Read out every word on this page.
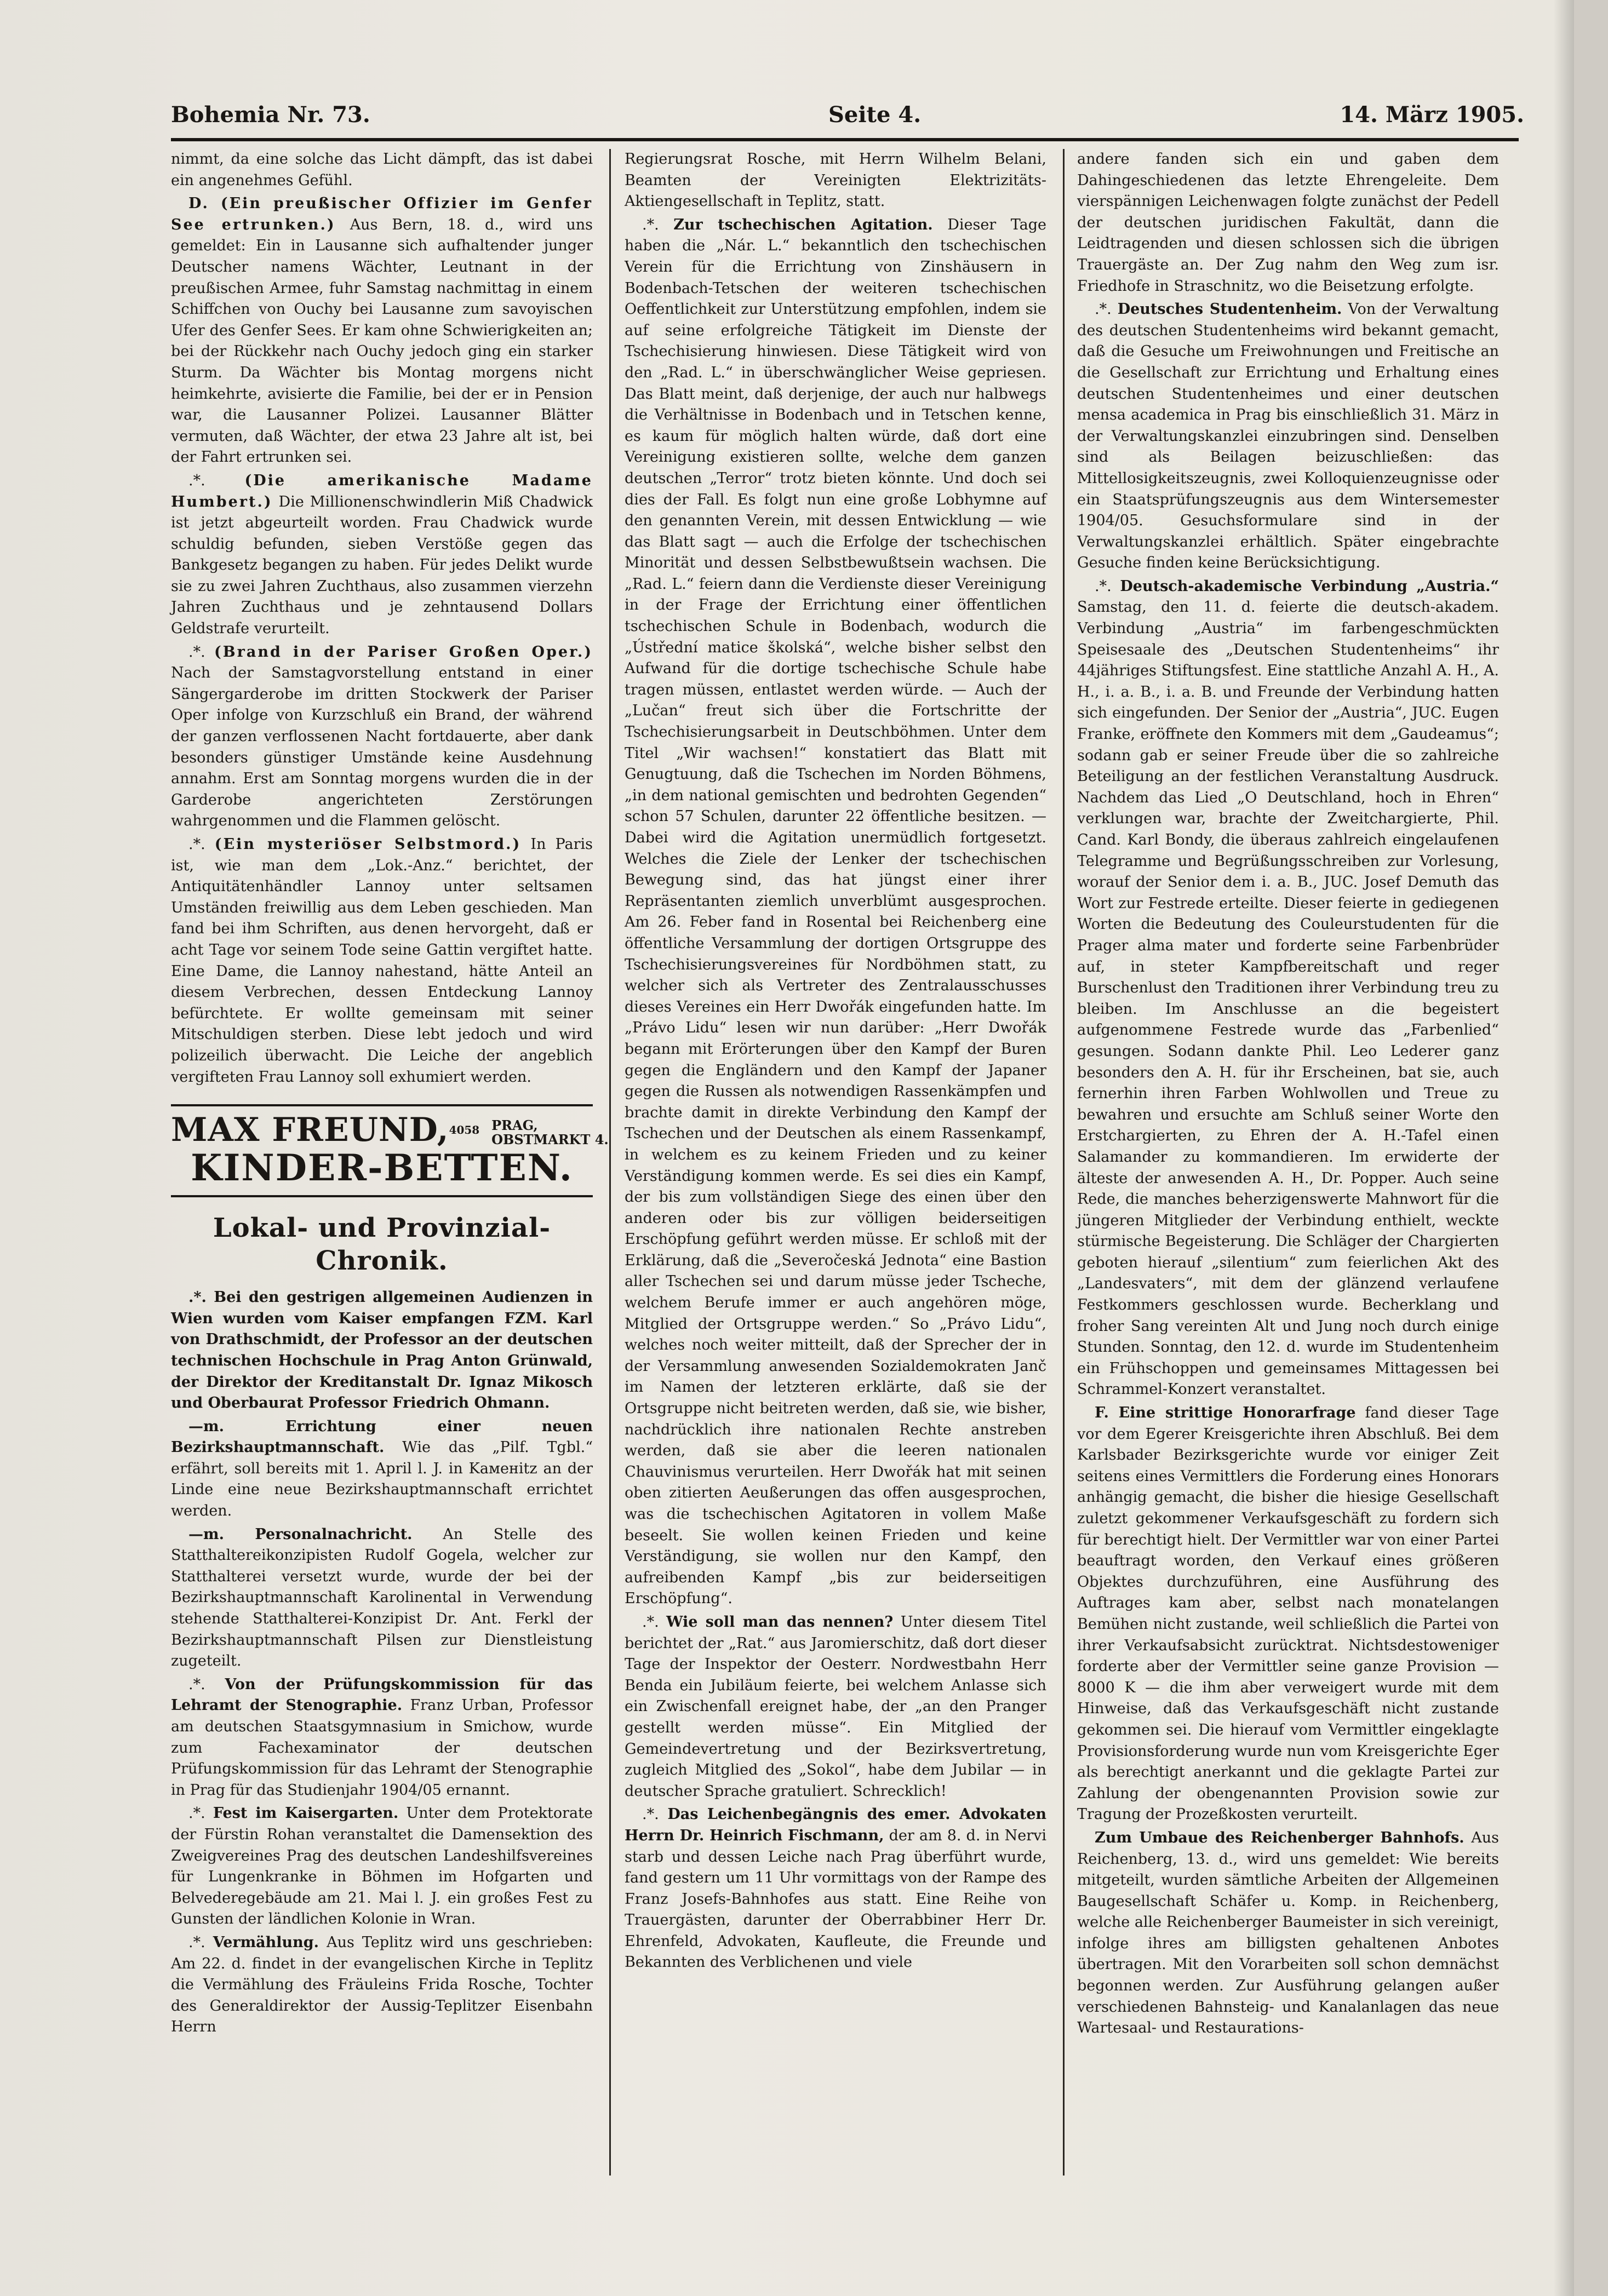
Bohemia Nr. 73.	Seite 4.	14. März 1905.

nimmt, da eine solche das Licht dämpft, das ist dabei ein angenehmes Gefühl.

D. (Ein preußischer Offizier im Genfer See ertrunken.) Aus Bern, 18. d., wird uns gemeldet: Ein in Lausanne sich aufhaltender junger Deutscher namens Wächter, Leutnant in der preußischen Armee, fuhr Samstag nachmittag in einem Schiffchen von Ouchy bei Lausanne zum savoyischen Ufer des Genfer Sees. Er kam ohne Schwierigkeiten an; bei der Rückkehr nach Ouchy jedoch ging ein starker Sturm. Da Wächter bis Montag morgens nicht heimkehrte, avisierte die Familie, bei der er in Pension war, die Lausanner Polizei. Lausanner Blätter vermuten, daß Wächter, der etwa 23 Jahre alt ist, bei der Fahrt ertrunken sei.

.*. (Die amerikanische Madame Humbert.) Die Millionenschwindlerin Miß Chadwick ist jetzt abgeurteilt worden. Frau Chadwick wurde schuldig befunden, sieben Verstöße gegen das Bankgesetz begangen zu haben. Für jedes Delikt wurde sie zu zwei Jahren Zuchthaus, also zusammen vierzehn Jahren Zuchthaus und je zehntausend Dollars Geldstrafe verurteilt.

.*. (Brand in der Pariser Großen Oper.) Nach der Samstagvorstellung entstand in einer Sängergarderobe im dritten Stockwerk der Pariser Oper infolge von Kurzschluß ein Brand, der während der ganzen verflossenen Nacht fortdauerte, aber dank besonders günstiger Umstände keine Ausdehnung annahm. Erst am Sonntag morgens wurden die in der Garderobe angerichteten Zerstörungen wahrgenommen und die Flammen gelöscht.

.*. (Ein mysteriöser Selbstmord.) In Paris ist, wie man dem „Lok.-Anz.“ berichtet, der Antiquitätenhändler Lannoy unter seltsamen Umständen freiwillig aus dem Leben geschieden. Man fand bei ihm Schriften, aus denen hervorgeht, daß er acht Tage vor seinem Tode seine Gattin vergiftet hatte. Eine Dame, die Lannoy nahestand, hätte Anteil an diesem Verbrechen, dessen Entdeckung Lannoy befürchtete. Er wollte gemeinsam mit seiner Mitschuldigen sterben. Diese lebt jedoch und wird polizeilich überwacht. Die Leiche der angeblich vergifteten Frau Lannoy soll exhumiert werden.

MAX FREUND,$^{4058}$ PRAG,
OBSTMARKT 4.
KINDER-BETTEN.
Lokal- und Provinzial-Chronik.

.*. Bei den gestrigen allgemeinen Audienzen in Wien wurden vom Kaiser empfangen FZM. Karl von Drathschmidt, der Professor an der deutschen technischen Hochschule in Prag Anton Grünwald, der Direktor der Kreditanstalt Dr. Ignaz Mikosch und Oberbaurat Professor Friedrich Ohmann.

—m. Errichtung einer neuen Bezirkshauptmannschaft. Wie das „Pilf. Tgbl.“ erfährt, soll bereits mit 1. April l. J. in Kaменitz an der Linde eine neue Bezirkshauptmannschaft errichtet werden.

—m. Personalnachricht. An Stelle des Statthaltereikonzipisten Rudolf Gogela, welcher zur Statthalterei versetzt wurde, wurde der bei der Bezirkshauptmannschaft Karolinental in Verwendung stehende Statthalterei-Konzipist Dr. Ant. Ferkl der Bezirkshauptmannschaft Pilsen zur Dienstleistung zugeteilt.

.*. Von der Prüfungskommission für das Lehramt der Stenographie. Franz Urban, Professor am deutschen Staatsgymnasium in Smichow, wurde zum Fachexaminator der deutschen Prüfungskommission für das Lehramt der Stenographie in Prag für das Studienjahr 1904/05 ernannt.

.*. Fest im Kaisergarten. Unter dem Protektorate der Fürstin Rohan veranstaltet die Damensektion des Zweigvereines Prag des deutschen Landeshilfsvereines für Lungenkranke in Böhmen im Hofgarten und Belvederegebäude am 21. Mai l. J. ein großes Fest zu Gunsten der ländlichen Kolonie in Wran.

.*. Vermählung. Aus Teplitz wird uns geschrieben: Am 22. d. findet in der evangelischen Kirche in Teplitz die Vermählung des Fräuleins Frida Rosche, Tochter des Generaldirektor der Aussig-Teplitzer Eisenbahn Herrn

Regierungsrat Rosche, mit Herrn Wilhelm Belani, Beamten der Vereinigten Elektrizitäts-Aktiengesellschaft in Teplitz, statt.

.*. Zur tschechischen Agitation. Dieser Tage haben die „Nár. L.“ bekanntlich den tschechischen Verein für die Errichtung von Zinshäusern in Bodenbach-Tetschen der weiteren tschechischen Oeffentlichkeit zur Unterstützung empfohlen, indem sie auf seine erfolgreiche Tätigkeit im Dienste der Tschechisierung hinwiesen. Diese Tätigkeit wird von den „Rad. L.“ in überschwänglicher Weise gepriesen. Das Blatt meint, daß derjenige, der auch nur halbwegs die Verhältnisse in Bodenbach und in Tetschen kenne, es kaum für möglich halten würde, daß dort eine Vereinigung existieren sollte, welche dem ganzen deutschen „Terror“ trotz bieten könnte. Und doch sei dies der Fall. Es folgt nun eine große Lobhymne auf den genannten Verein, mit dessen Entwicklung — wie das Blatt sagt — auch die Erfolge der tschechischen Minorität und dessen Selbstbewußtsein wachsen. Die „Rad. L.“ feiern dann die Verdienste dieser Vereinigung in der Frage der Errichtung einer öffentlichen tschechischen Schule in Bodenbach, wodurch die „Ústřední matice školská“, welche bisher selbst den Aufwand für die dortige tschechische Schule habe tragen müssen, entlastet werden würde. — Auch der „Lučan“ freut sich über die Fortschritte der Tschechisierungsarbeit in Deutschböhmen. Unter dem Titel „Wir wachsen!“ konstatiert das Blatt mit Genugtuung, daß die Tschechen im Norden Böhmens, „in dem national gemischten und bedrohten Gegenden“ schon 57 Schulen, darunter 22 öffentliche besitzen. — Dabei wird die Agitation unermüdlich fortgesetzt. Welches die Ziele der Lenker der tschechischen Bewegung sind, das hat jüngst einer ihrer Repräsentanten ziemlich unverblümt ausgesprochen. Am 26. Feber fand in Rosental bei Reichenberg eine öffentliche Versammlung der dortigen Ortsgruppe des Tschechisierungsvereines für Nordböhmen statt, zu welcher sich als Vertreter des Zentralausschusses dieses Vereines ein Herr Dwořák eingefunden hatte. Im „Právo Lidu“ lesen wir nun darüber: „Herr Dwořák begann mit Erörterungen über den Kampf der Buren gegen die Engländern und den Kampf der Japaner gegen die Russen als notwendigen Rassenkämpfen und brachte damit in direkte Verbindung den Kampf der Tschechen und der Deutschen als einem Rassenkampf, in welchem es zu keinem Frieden und zu keiner Verständigung kommen werde. Es sei dies ein Kampf, der bis zum vollständigen Siege des einen über den anderen oder bis zur völligen beiderseitigen Erschöpfung geführt werden müsse. Er schloß mit der Erklärung, daß die „Severočeská Jednota“ eine Bastion aller Tschechen sei und darum müsse jeder Tscheche, welchem Berufe immer er auch angehören möge, Mitglied der Ortsgruppe werden.“ So „Právo Lidu“, welches noch weiter mitteilt, daß der Sprecher der in der Versammlung anwesenden Sozialdemokraten Janč im Namen der letzteren erklärte, daß sie der Ortsgruppe nicht beitreten werden, daß sie, wie bisher, nachdrücklich ihre nationalen Rechte anstreben werden, daß sie aber die leeren nationalen Chauvinismus verurteilen. Herr Dwořák hat mit seinen oben zitierten Aeußerungen das offen ausgesprochen, was die tschechischen Agitatoren in vollem Maße beseelt. Sie wollen keinen Frieden und keine Verständigung, sie wollen nur den Kampf, den aufreibenden Kampf „bis zur beiderseitigen Erschöpfung“.

.*. Wie soll man das nennen? Unter diesem Titel berichtet der „Rat.“ aus Jaromierschitz, daß dort dieser Tage der Inspektor der Oesterr. Nordwestbahn Herr Benda ein Jubiläum feierte, bei welchem Anlasse sich ein Zwischenfall ereignet habe, der „an den Pranger gestellt werden müsse“. Ein Mitglied der Gemeindevertretung und der Bezirksvertretung, zugleich Mitglied des „Sokol“, habe dem Jubilar — in deutscher Sprache gratuliert. Schrecklich!

.*. Das Leichenbegängnis des emer. Advokaten Herrn Dr. Heinrich Fischmann, der am 8. d. in Nervi starb und dessen Leiche nach Prag überführt wurde, fand gestern um 11 Uhr vormittags von der Rampe des Franz Josefs-Bahnhofes aus statt. Eine Reihe von Trauergästen, darunter der Oberrabbiner Herr Dr. Ehrenfeld, Advokaten, Kaufleute, die Freunde und Bekannten des Verblichenen und viele

andere fanden sich ein und gaben dem Dahingeschiedenen das letzte Ehrengeleite. Dem vierspännigen Leichenwagen folgte zunächst der Pedell der deutschen juridischen Fakultät, dann die Leidtragenden und diesen schlossen sich die übrigen Trauergäste an. Der Zug nahm den Weg zum isr. Friedhofe in Straschnitz, wo die Beisetzung erfolgte.

.*. Deutsches Studentenheim. Von der Verwaltung des deutschen Studentenheims wird bekannt gemacht, daß die Gesuche um Freiwohnungen und Freitische an die Gesellschaft zur Errichtung und Erhaltung eines deutschen Studentenheimes und einer deutschen mensa academica in Prag bis einschließlich 31. März in der Verwaltungskanzlei einzubringen sind. Denselben sind als Beilagen beizuschließen: das Mittellosigkeitszeugnis, zwei Kolloquienzeugnisse oder ein Staatsprüfungszeugnis aus dem Wintersemester 1904/05. Gesuchsformulare sind in der Verwaltungskanzlei erhältlich. Später eingebrachte Gesuche finden keine Berücksichtigung.

.*. Deutsch-akademische Verbindung „Austria.“ Samstag, den 11. d. feierte die deutsch-akadem. Verbindung „Austria“ im farbengeschmückten Speisesaale des „Deutschen Studentenheims“ ihr 44jähriges Stiftungsfest. Eine stattliche Anzahl A. H., A. H., i. a. B., i. a. B. und Freunde der Verbindung hatten sich eingefunden. Der Senior der „Austria“, JUC. Eugen Franke, eröffnete den Kommers mit dem „Gaudeamus“; sodann gab er seiner Freude über die so zahlreiche Beteiligung an der festlichen Veranstaltung Ausdruck. Nachdem das Lied „O Deutschland, hoch in Ehren“ verklungen war, brachte der Zweitchargierte, Phil. Cand. Karl Bondy, die überaus zahlreich eingelaufenen Telegramme und Begrüßungsschreiben zur Vorlesung, worauf der Senior dem i. a. B., JUC. Josef Demuth das Wort zur Festrede erteilte. Dieser feierte in gediegenen Worten die Bedeutung des Couleurstudenten für die Prager alma mater und forderte seine Farbenbrüder auf, in steter Kampfbereitschaft und reger Burschenlust den Traditionen ihrer Verbindung treu zu bleiben. Im Anschlusse an die begeistert aufgenommene Festrede wurde das „Farbenlied“ gesungen. Sodann dankte Phil. Leo Lederer ganz besonders den A. H. für ihr Erscheinen, bat sie, auch fernerhin ihren Farben Wohlwollen und Treue zu bewahren und ersuchte am Schluß seiner Worte den Erstchargierten, zu Ehren der A. H.-Tafel einen Salamander zu kommandieren. Im erwiderte der älteste der anwesenden A. H., Dr. Popper. Auch seine Rede, die manches beherzigenswerte Mahnwort für die jüngeren Mitglieder der Verbindung enthielt, weckte stürmische Begeisterung. Die Schläger der Chargierten geboten hierauf „silentium“ zum feierlichen Akt des „Landesvaters“, mit dem der glänzend verlaufene Festkommers geschlossen wurde. Becherklang und froher Sang vereinten Alt und Jung noch durch einige Stunden. Sonntag, den 12. d. wurde im Studentenheim ein Frühschoppen und gemeinsames Mittagessen bei Schrammel-Konzert veranstaltet.

F. Eine strittige Honorarfrage fand dieser Tage vor dem Egerer Kreisgerichte ihren Abschluß. Bei dem Karlsbader Bezirksgerichte wurde vor einiger Zeit seitens eines Vermittlers die Forderung eines Honorars anhängig gemacht, die bisher die hiesige Gesellschaft zuletzt gekommener Verkaufsgeschäft zu fordern sich für berechtigt hielt. Der Vermittler war von einer Partei beauftragt worden, den Verkauf eines größeren Objektes durchzuführen, eine Ausführung des Auftrages kam aber, selbst nach monatelangen Bemühen nicht zustande, weil schließlich die Partei von ihrer Verkaufsabsicht zurücktrat. Nichtsdestoweniger forderte aber der Vermittler seine ganze Provision — 8000 K — die ihm aber verweigert wurde mit dem Hinweise, daß das Verkaufsgeschäft nicht zustande gekommen sei. Die hierauf vom Vermittler eingeklagte Provisionsforderung wurde nun vom Kreisgerichte Eger als berechtigt anerkannt und die geklagte Partei zur Zahlung der obengenannten Provision sowie zur Tragung der Prozeßkosten verurteilt.

Zum Umbaue des Reichenberger Bahnhofs. Aus Reichenberg, 13. d., wird uns gemeldet: Wie bereits mitgeteilt, wurden sämtliche Arbeiten der Allgemeinen Baugesellschaft Schäfer u. Komp. in Reichenberg, welche alle Reichenberger Baumeister in sich vereinigt, infolge ihres am billigsten gehaltenen Anbotes übertragen. Mit den Vorarbeiten soll schon demnächst begonnen werden. Zur Ausführung gelangen außer verschiedenen Bahnsteig- und Kanalanlagen das neue Wartesaal- und Restaurations-
